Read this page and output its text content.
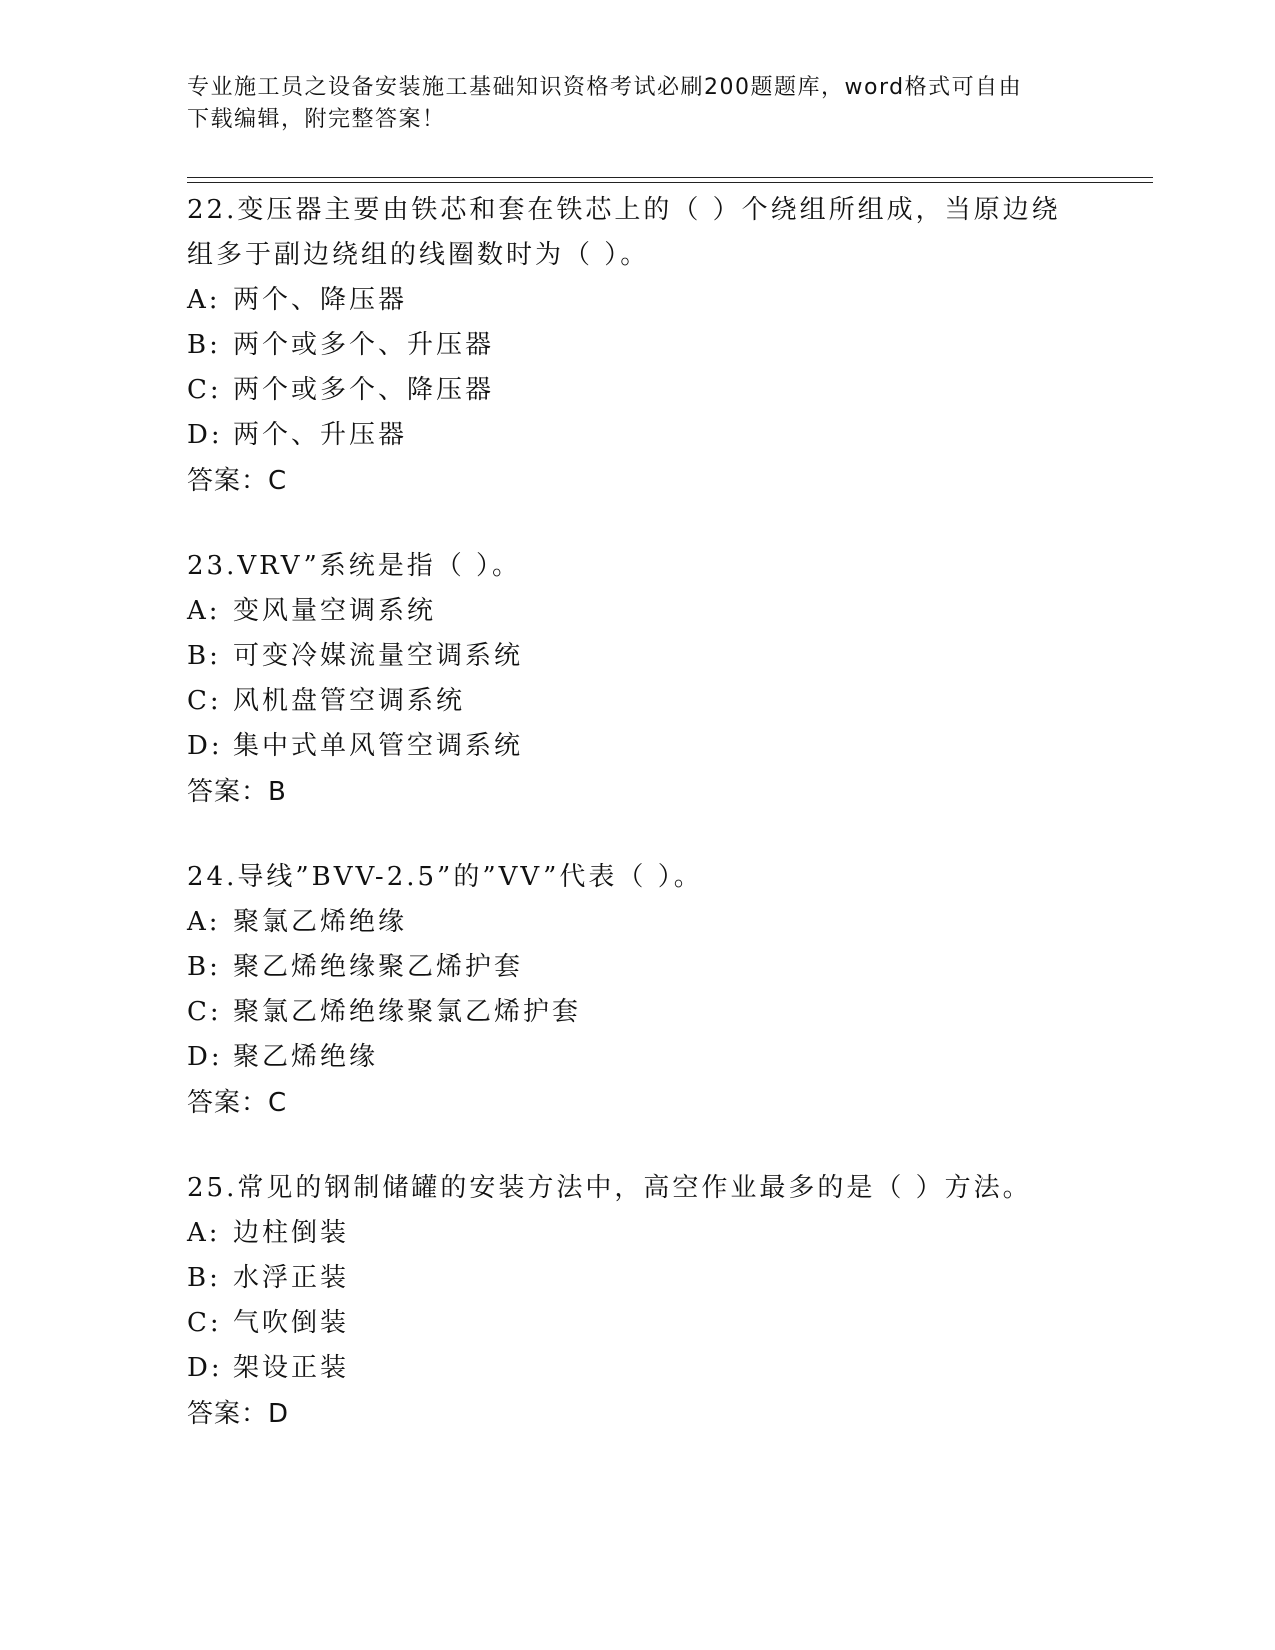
专业施工员之设备安装施工基础知识资格考试必刷200题题库，word格式可自由
下载编辑，附完整答案！

22.变压器主要由铁芯和套在铁芯上的（ ）个绕组所组成，当原边绕
组多于副边绕组的线圈数时为（ ）。

A: 两个、降压器
B: 两个或多个、升压器
C: 两个或多个、降压器
D: 两个、升压器
答案：C

23.VRV”系统是指（ ）。

A: 变风量空调系统
B: 可变冷媒流量空调系统
C: 风机盘管空调系统
D: 集中式单风管空调系统
答案：B

24.导线”BVV-2.5”的”VV”代表（ ）。

A: 聚氯乙烯绝缘
B: 聚乙烯绝缘聚乙烯护套
C: 聚氯乙烯绝缘聚氯乙烯护套
D: 聚乙烯绝缘
答案：C

25.常见的钢制储罐的安装方法中，高空作业最多的是（ ）方法。

A: 边柱倒装
B: 水浮正装
C: 气吹倒装
D: 架设正装
答案：D
